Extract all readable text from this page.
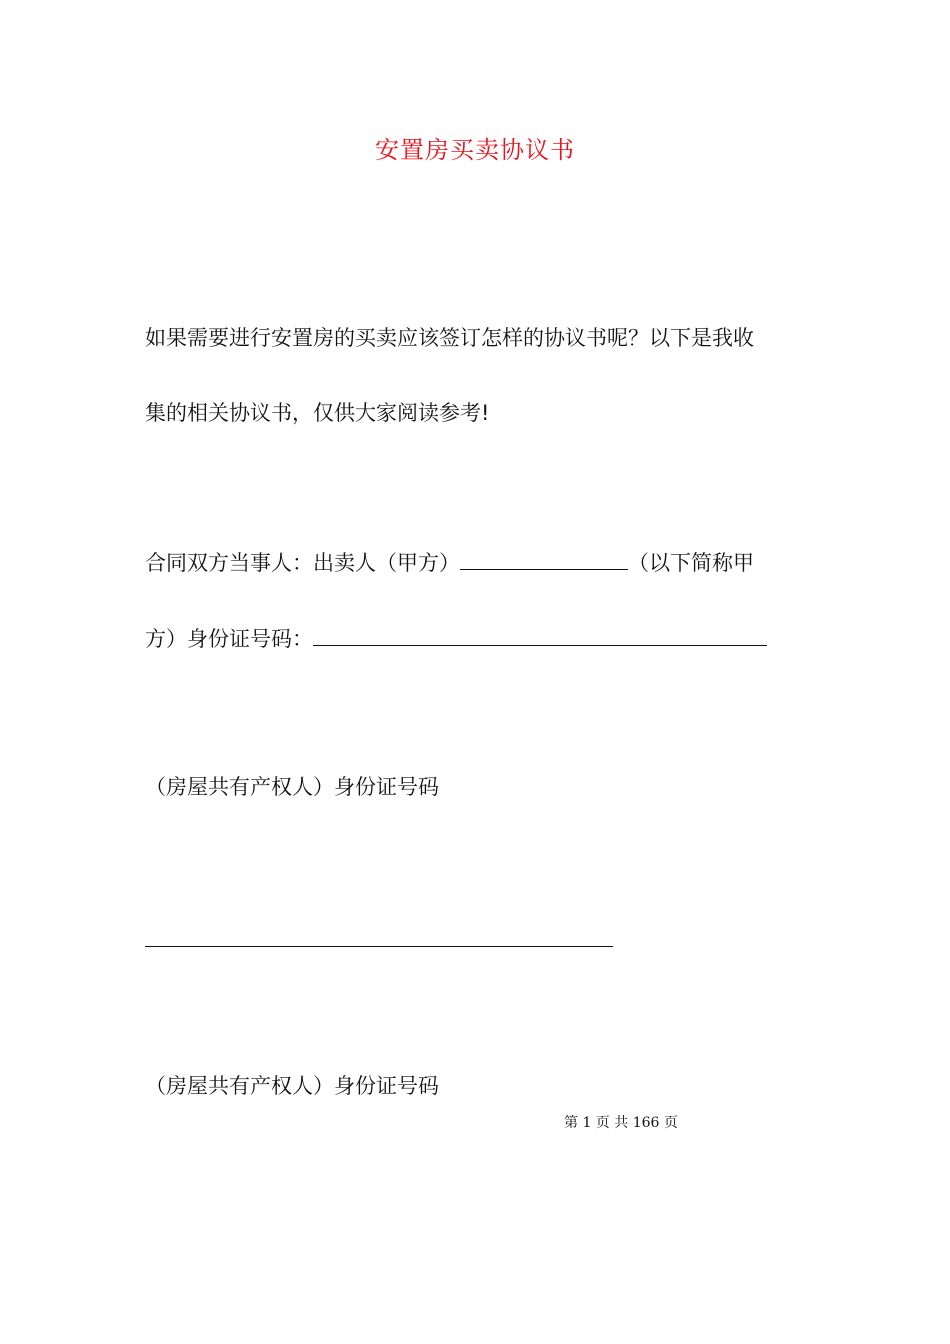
安置房买卖协议书
如果需要进行安置房的买卖应该签订怎样的协议书呢？以下是我收
集的相关协议书，仅供大家阅读参考!
合同双方当事人：出卖人（甲方）	（以下简称甲
方）身份证号码：
（房屋共有产权人）身份证号码
（房屋共有产权人）身份证号码
第 1 页 共 166 页
